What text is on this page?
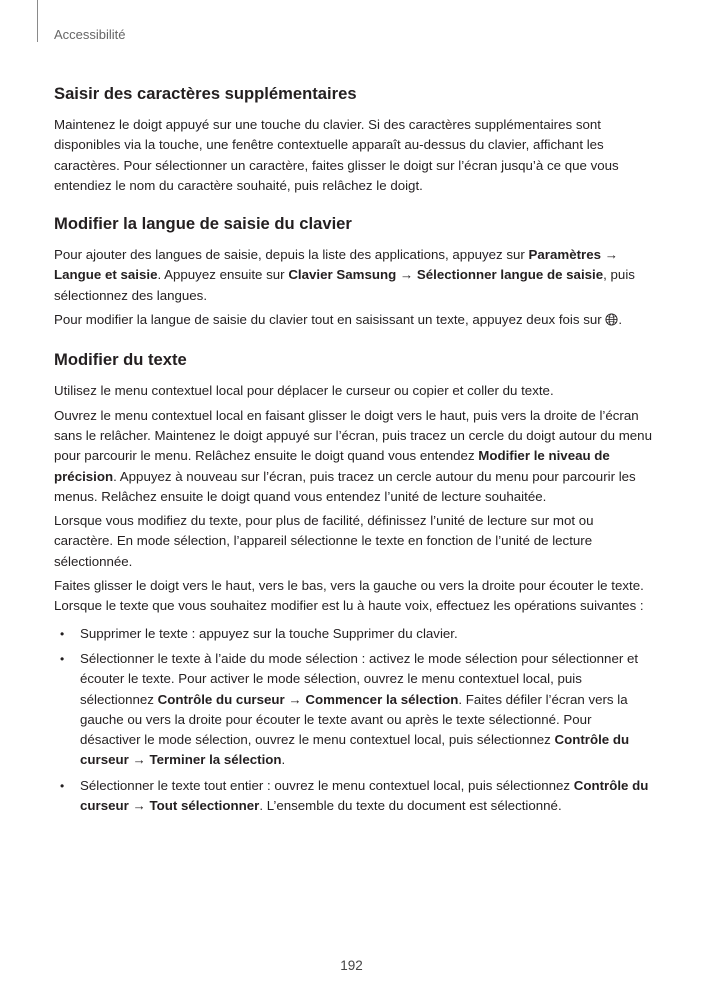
Accessibilité
Saisir des caractères supplémentaires

Maintenez le doigt appuyé sur une touche du clavier. Si des caractères supplémentaires sont disponibles via la touche, une fenêtre contextuelle apparaît au-dessus du clavier, affichant les caractères. Pour sélectionner un caractère, faites glisser le doigt sur l’écran jusqu’à ce que vous entendiez le nom du caractère souhaité, puis relâchez le doigt.

Modifier la langue de saisie du clavier

Pour ajouter des langues de saisie, depuis la liste des applications, appuyez sur Paramètres → Langue et saisie. Appuyez ensuite sur Clavier Samsung → Sélectionner langue de saisie, puis sélectionnez des langues.

Pour modifier la langue de saisie du clavier tout en saisissant un texte, appuyez deux fois sur .

Modifier du texte

Utilisez le menu contextuel local pour déplacer le curseur ou copier et coller du texte.

Ouvrez le menu contextuel local en faisant glisser le doigt vers le haut, puis vers la droite de l’écran sans le relâcher. Maintenez le doigt appuyé sur l’écran, puis tracez un cercle du doigt autour du menu pour parcourir le menu. Relâchez ensuite le doigt quand vous entendez Modifier le niveau de précision. Appuyez à nouveau sur l’écran, puis tracez un cercle autour du menu pour parcourir les menus. Relâchez ensuite le doigt quand vous entendez l’unité de lecture souhaitée.

Lorsque vous modifiez du texte, pour plus de facilité, définissez l’unité de lecture sur mot ou caractère. En mode sélection, l’appareil sélectionne le texte en fonction de l’unité de lecture sélectionnée.

Faites glisser le doigt vers le haut, vers le bas, vers la gauche ou vers la droite pour écouter le texte. Lorsque le texte que vous souhaitez modifier est lu à haute voix, effectuez les opérations suivantes :

• Supprimer le texte : appuyez sur la touche Supprimer du clavier.
• Sélectionner le texte à l’aide du mode sélection : activez le mode sélection pour sélectionner et écouter le texte. Pour activer le mode sélection, ouvrez le menu contextuel local, puis sélectionnez Contrôle du curseur → Commencer la sélection. Faites défiler l’écran vers la gauche ou vers la droite pour écouter le texte avant ou après le texte sélectionné. Pour désactiver le mode sélection, ouvrez le menu contextuel local, puis sélectionnez Contrôle du curseur → Terminer la sélection.
• Sélectionner le texte tout entier : ouvrez le menu contextuel local, puis sélectionnez Contrôle du curseur → Tout sélectionner. L’ensemble du texte du document est sélectionné.
192
